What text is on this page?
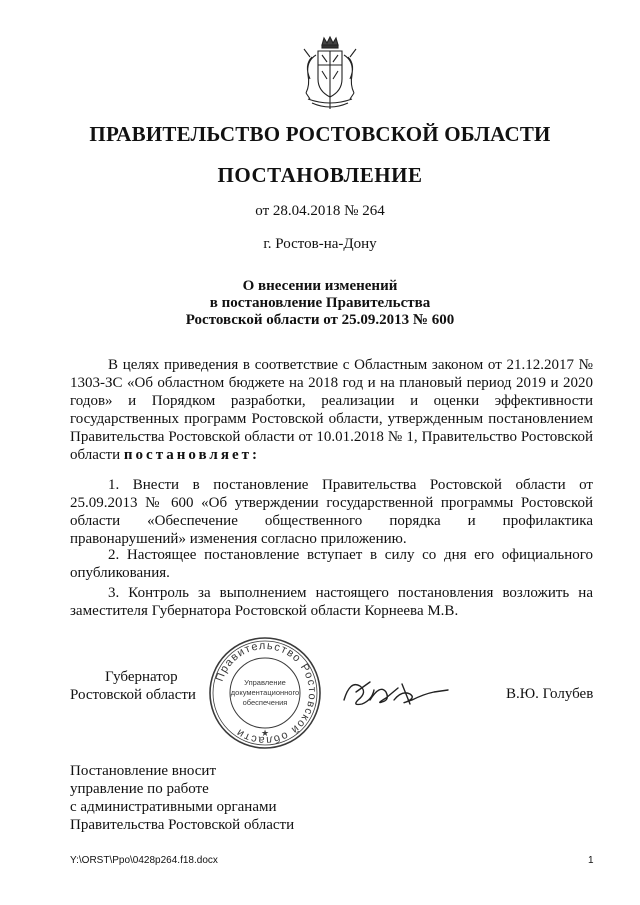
ПРАВИТЕЛЬСТВО РОСТОВСКОЙ ОБЛАСТИ
ПОСТАНОВЛЕНИЕ
от 28.04.2018 № 264
г. Ростов-на-Дону
О внесении изменений
в постановление Правительства
Ростовской области от 25.09.2013 № 600
В целях приведения в соответствие с Областным законом от 21.12.2017 № 1303-ЗС «Об областном бюджете на 2018 год и на плановый период 2019 и 2020 годов» и Порядком разработки, реализации и оценки эффективности государственных программ Ростовской области, утвержденным постановлением Правительства Ростовской области от 10.01.2018 № 1, Правительство Ростовской области постановляет:
1. Внести в постановление Правительства Ростовской области от 25.09.2013 № 600 «Об утверждении государственной программы Ростовской области «Обеспечение общественного порядка и профилактика правонарушений» изменения согласно приложению.
2. Настоящее постановление вступает в силу со дня его официального опубликования.
3. Контроль за выполнением настоящего постановления возложить на заместителя Губернатора Ростовской области Корнеева М.В.
Губернатор
Ростовской области
Правительство Ростовской области
Управление
документационного
обеспечения
★
В.Ю. Голубев
Постановление вносит
управление по работе
с административными органами
Правительства Ростовской области
Y:\ORST\Ppo\0428p264.f18.docx	1
